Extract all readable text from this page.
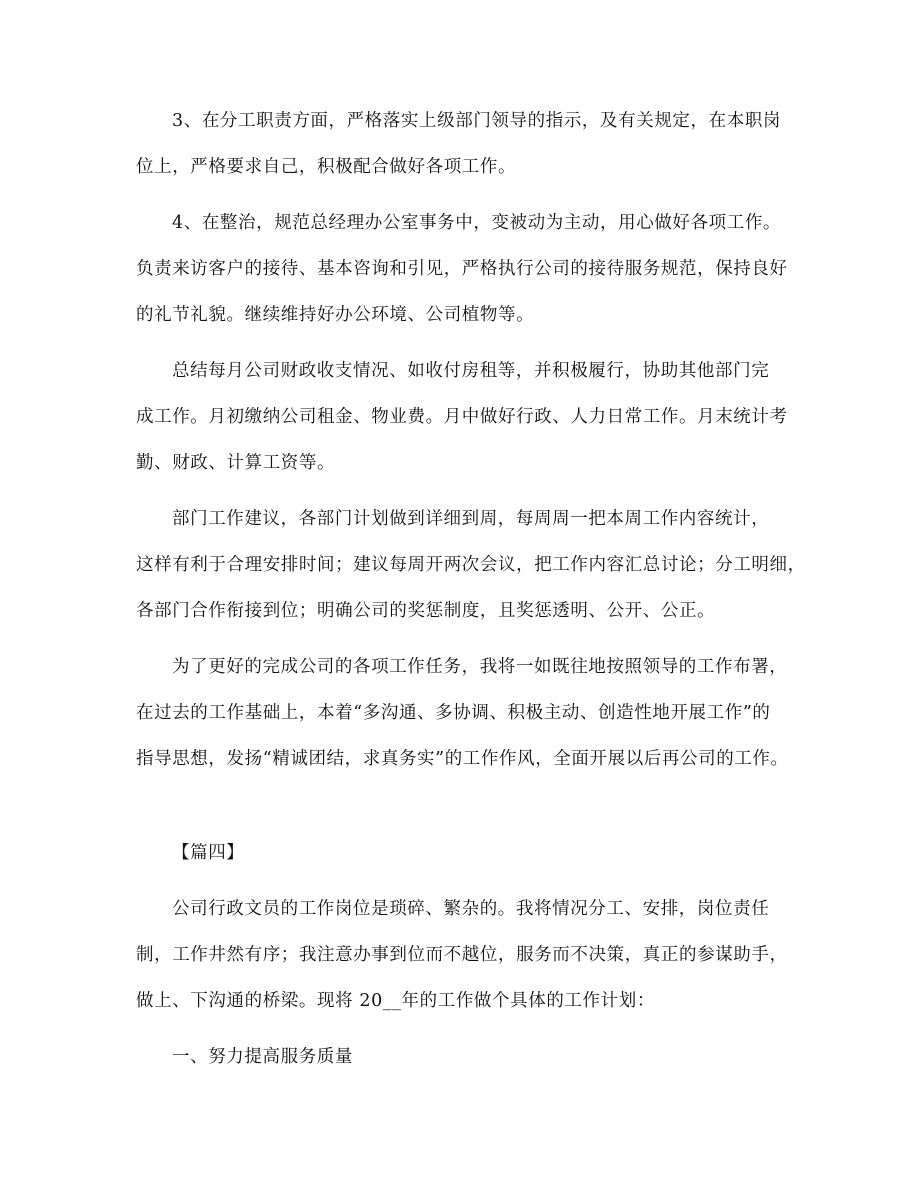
3、在分工职责方面，严格落实上级部门领导的指示，及有关规定，在本职岗
位上，严格要求自己，积极配合做好各项工作。
4、在整治，规范总经理办公室事务中，变被动为主动，用心做好各项工作。
负责来访客户的接待、基本咨询和引见，严格执行公司的接待服务规范，保持良好
的礼节礼貌。继续维持好办公环境、公司植物等。
总结每月公司财政收支情况、如收付房租等，并积极履行，协助其他部门完
成工作。月初缴纳公司租金、物业费。月中做好行政、人力日常工作。月末统计考
勤、财政、计算工资等。
部门工作建议，各部门计划做到详细到周，每周周一把本周工作内容统计，
这样有利于合理安排时间；建议每周开两次会议，把工作内容汇总讨论；分工明细，
各部门合作衔接到位；明确公司的奖惩制度，且奖惩透明、公开、公正。
为了更好的完成公司的各项工作任务，我将一如既往地按照领导的工作布署，
在过去的工作基础上，本着“多沟通、多协调、积极主动、创造性地开展工作”的
指导思想，发扬“精诚团结，求真务实”的工作作风，全面开展以后再公司的工作。
【篇四】
公司行政文员的工作岗位是琐碎、繁杂的。我将情况分工、安排，岗位责任
制，工作井然有序；我注意办事到位而不越位，服务而不决策，真正的参谋助手，
做上、下沟通的桥梁。现将 20__年的工作做个具体的工作计划：
一、努力提高服务质量
